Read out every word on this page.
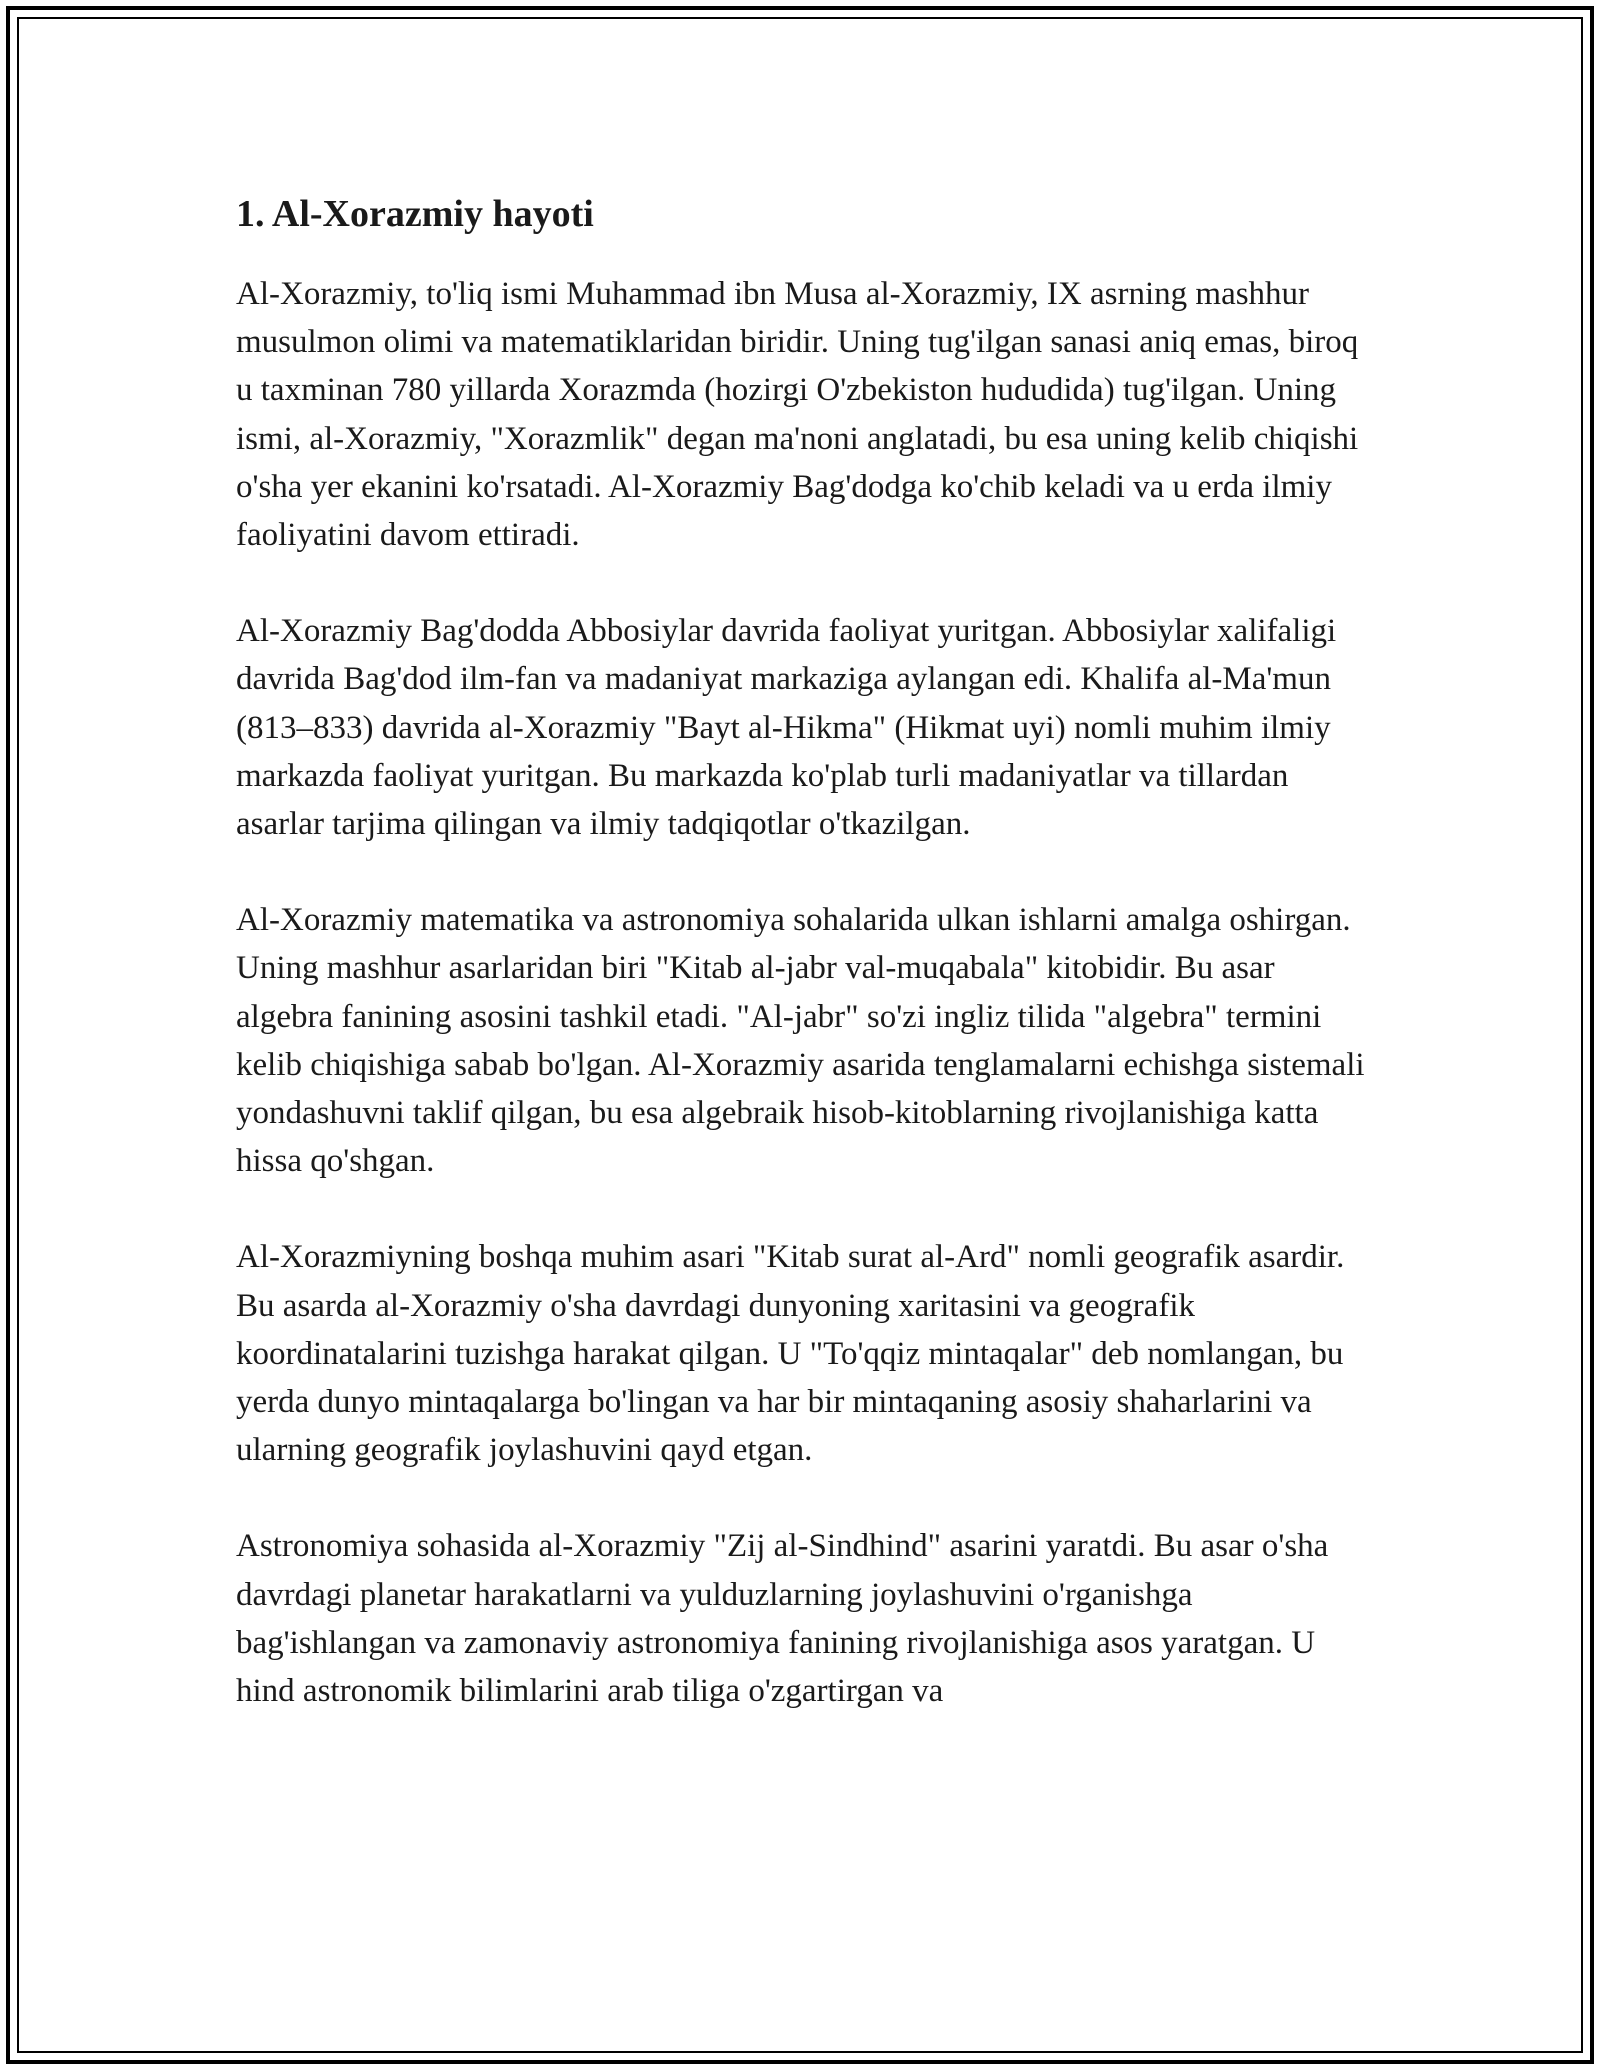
1. Al-Xorazmiy hayoti

Al-Xorazmiy, to'liq ismi Muhammad ibn Musa al-Xorazmiy, IX asrning mashhur musulmon olimi va matematiklaridan biridir. Uning tug'ilgan sanasi aniq emas, biroq u taxminan 780 yillarda Xorazmda (hozirgi O'zbekiston hududida) tug'ilgan. Uning ismi, al-Xorazmiy, "Xorazmlik" degan ma'noni anglatadi, bu esa uning kelib chiqishi o'sha yer ekanini ko'rsatadi. Al-Xorazmiy Bag'dodga ko'chib keladi va u erda ilmiy faoliyatini davom ettiradi.

Al-Xorazmiy Bag'dodda Abbosiylar davrida faoliyat yuritgan. Abbosiylar xalifaligi davrida Bag'dod ilm-fan va madaniyat markaziga aylangan edi. Khalifa al-Ma'mun (813–833) davrida al-Xorazmiy "Bayt al-Hikma" (Hikmat uyi) nomli muhim ilmiy markazda faoliyat yuritgan. Bu markazda ko'plab turli madaniyatlar va tillardan asarlar tarjima qilingan va ilmiy tadqiqotlar o'tkazilgan.

Al-Xorazmiy matematika va astronomiya sohalarida ulkan ishlarni amalga oshirgan. Uning mashhur asarlaridan biri "Kitab al-jabr val-muqabala" kitobidir. Bu asar algebra fanining asosini tashkil etadi. "Al-jabr" so'zi ingliz tilida "algebra" termini kelib chiqishiga sabab bo'lgan. Al-Xorazmiy asarida tenglamalarni echishga sistemali yondashuvni taklif qilgan, bu esa algebraik hisob-kitoblarning rivojlanishiga katta hissa qo'shgan.

Al-Xorazmiyning boshqa muhim asari "Kitab surat al-Ard" nomli geografik asardir. Bu asarda al-Xorazmiy o'sha davrdagi dunyoning xaritasini va geografik koordinatalarini tuzishga harakat qilgan. U "To'qqiz mintaqalar" deb nomlangan, bu yerda dunyo mintaqalarga bo'lingan va har bir mintaqaning asosiy shaharlarini va ularning geografik joylashuvini qayd etgan.

Astronomiya sohasida al-Xorazmiy "Zij al-Sindhind" asarini yaratdi. Bu asar o'sha davrdagi planetar harakatlarni va yulduzlarning joylashuvini o'rganishga bag'ishlangan va zamonaviy astronomiya fanining rivojlanishiga asos yaratgan. U hind astronomik bilimlarini arab tiliga o'zgartirgan va
